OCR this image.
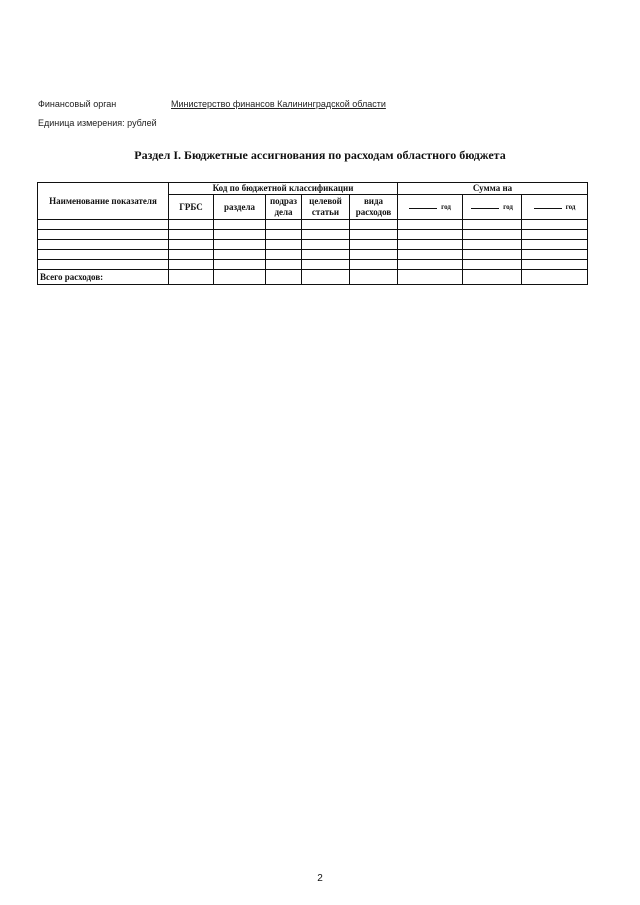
Финансовый орган	Министерство финансов Калининградской области
Единица измерения: рублей
Раздел I. Бюджетные ассигнования по расходам областного бюджета
Наименование показателя	Код по бюджетной классификации					Сумма на		
	ГРБС	раздела	подраз дела	целевой статьи	вида расходов	год	год	год

Всего расходов:								
2
